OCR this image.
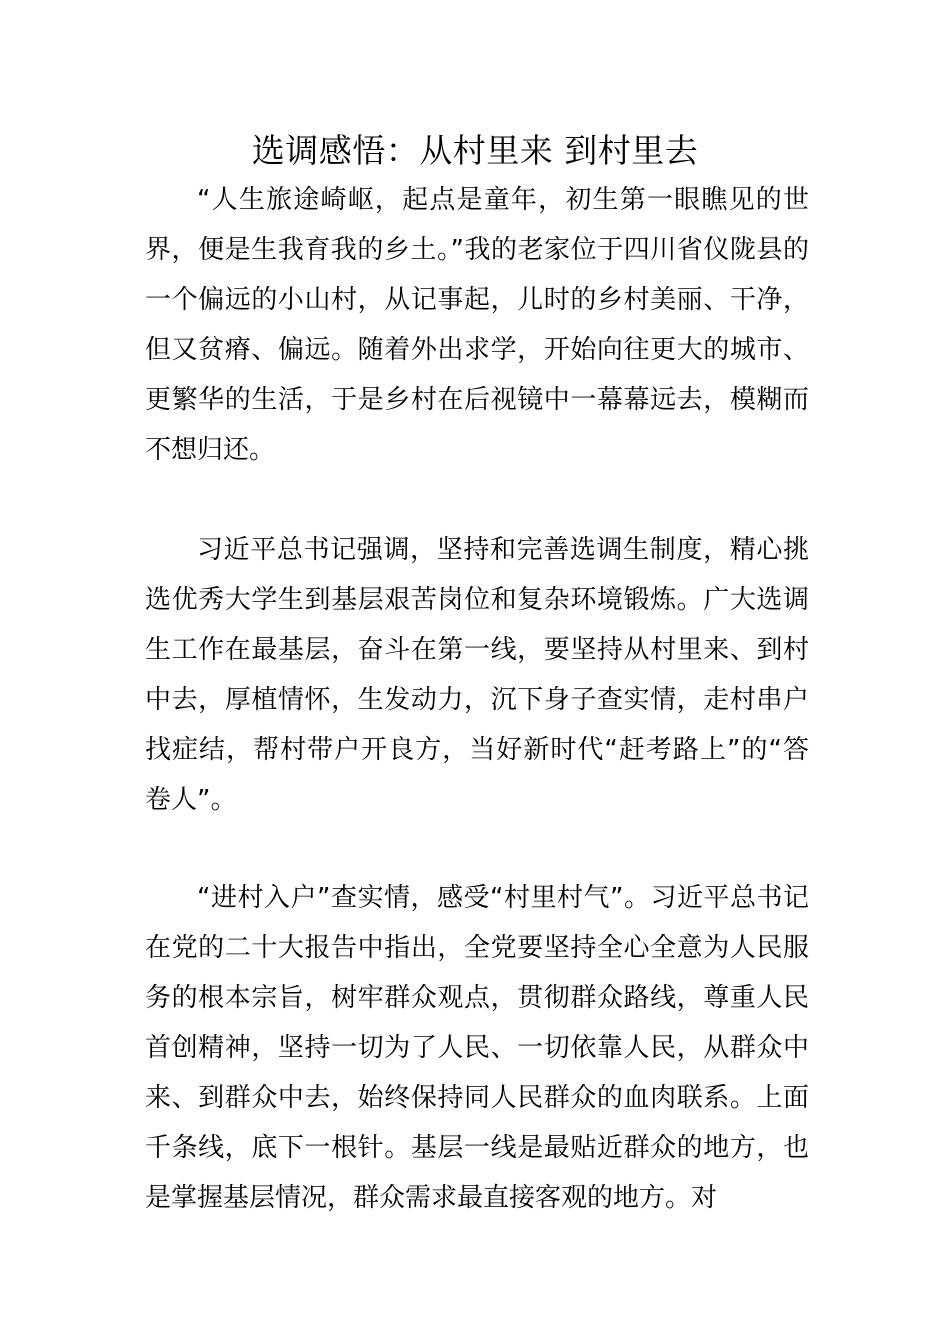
选调感悟：从村里来 到村里去

“人生旅途崎岖，起点是童年，初生第一眼瞧见的世界，便是生我育我的乡土。”我的老家位于四川省仪陇县的一个偏远的小山村，从记事起，儿时的乡村美丽、干净，但又贫瘠、偏远。随着外出求学，开始向往更大的城市、更繁华的生活，于是乡村在后视镜中一幕幕远去，模糊而不想归还。

习近平总书记强调，坚持和完善选调生制度，精心挑选优秀大学生到基层艰苦岗位和复杂环境锻炼。广大选调生工作在最基层，奋斗在第一线，要坚持从村里来、到村中去，厚植情怀，生发动力，沉下身子查实情，走村串户找症结，帮村带户开良方，当好新时代“赶考路上”的“答卷人”。

“进村入户”查实情，感受“村里村气”。习近平总书记在党的二十大报告中指出，全党要坚持全心全意为人民服务的根本宗旨，树牢群众观点，贯彻群众路线，尊重人民首创精神，坚持一切为了人民、一切依靠人民，从群众中来、到群众中去，始终保持同人民群众的血肉联系。上面千条线，底下一根针。基层一线是最贴近群众的地方，也是掌握基层情况，群众需求最直接客观的地方。对
